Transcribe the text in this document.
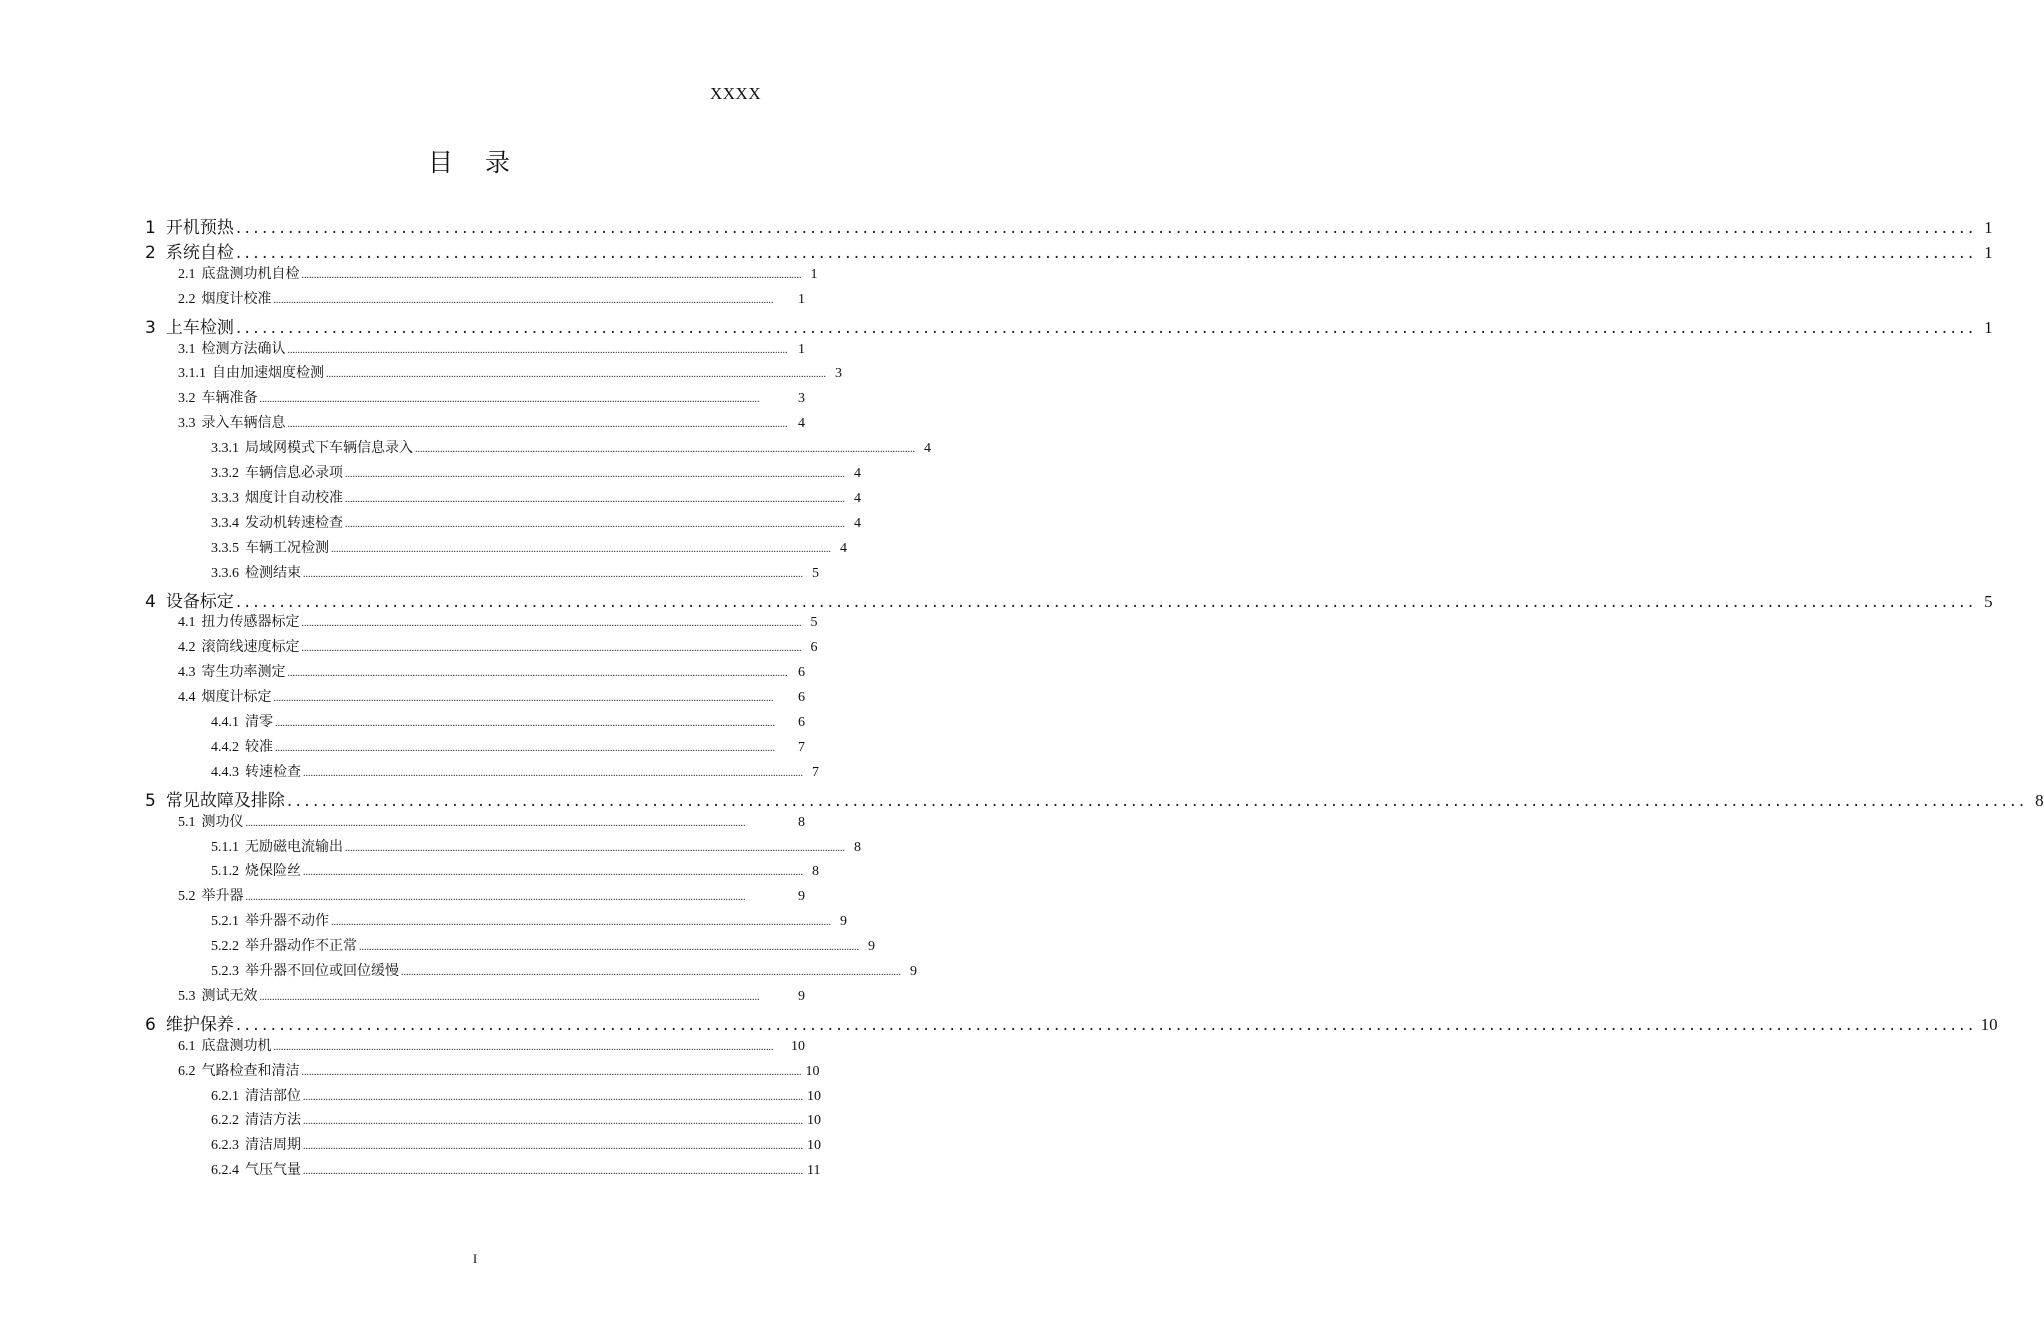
XXXX
目 录
1 开机预热 ........................................................................................................................................................................................................ 1
2 系统自检 ........................................................................................................................................................................................................ 1
2.1 底盘测功机自检 ........................................................................................................................................................................................................ 1
2.2 烟度计校准 ........................................................................................................................................................................................................	1
3 上车检测 ........................................................................................................................................................................................................ 1
3.1 检测方法确认 ........................................................................................................................................................................................................ 1
3.1.1 自由加速烟度检测 ........................................................................................................................................................................................................ 3
3.2 车辆准备 ........................................................................................................................................................................................................	3
3.3 录入车辆信息 ........................................................................................................................................................................................................ 4
3.3.1 局域网模式下车辆信息录入 ........................................................................................................................................................................................................ 4
3.3.2 车辆信息必录项 ........................................................................................................................................................................................................ 4
3.3.3 烟度计自动校准 ........................................................................................................................................................................................................ 4
3.3.4 发动机转速检查 ........................................................................................................................................................................................................ 4
3.3.5 车辆工况检测 ........................................................................................................................................................................................................ 4
3.3.6 检测结束 ........................................................................................................................................................................................................ 5
4 设备标定 ........................................................................................................................................................................................................ 5
4.1 扭力传感器标定 ........................................................................................................................................................................................................ 5
4.2 滚筒线速度标定 ........................................................................................................................................................................................................ 6
4.3 寄生功率测定 ........................................................................................................................................................................................................ 6
4.4 烟度计标定 ........................................................................................................................................................................................................	6
4.4.1 清零 ........................................................................................................................................................................................................	6
4.4.2 较准 ........................................................................................................................................................................................................	7
4.4.3 转速检查 ........................................................................................................................................................................................................ 7
5 常见故障及排除 ........................................................................................................................................................................................................ 8
5.1 测功仪 ........................................................................................................................................................................................................	8
5.1.1 无励磁电流输出 ........................................................................................................................................................................................................ 8
5.1.2 烧保险丝 ........................................................................................................................................................................................................ 8
5.2 举升器 ........................................................................................................................................................................................................	9
5.2.1 举升器不动作 ........................................................................................................................................................................................................ 9
5.2.2 举升器动作不正常 ........................................................................................................................................................................................................ 9
5.2.3 举升器不回位或回位缓慢 ........................................................................................................................................................................................................ 9
5.3 测试无效 ........................................................................................................................................................................................................	9
6 维护保养 ........................................................................................................................................................................................................ 10
6.1 底盘测功机 ........................................................................................................................................................................................................	10
6.2 气路检查和清洁 ........................................................................................................................................................................................................ 10
6.2.1 清洁部位 ........................................................................................................................................................................................................ 10
6.2.2 清洁方法 ........................................................................................................................................................................................................ 10
6.2.3 清洁周期 ........................................................................................................................................................................................................ 10
6.2.4 气压气量 ........................................................................................................................................................................................................ 11
I
